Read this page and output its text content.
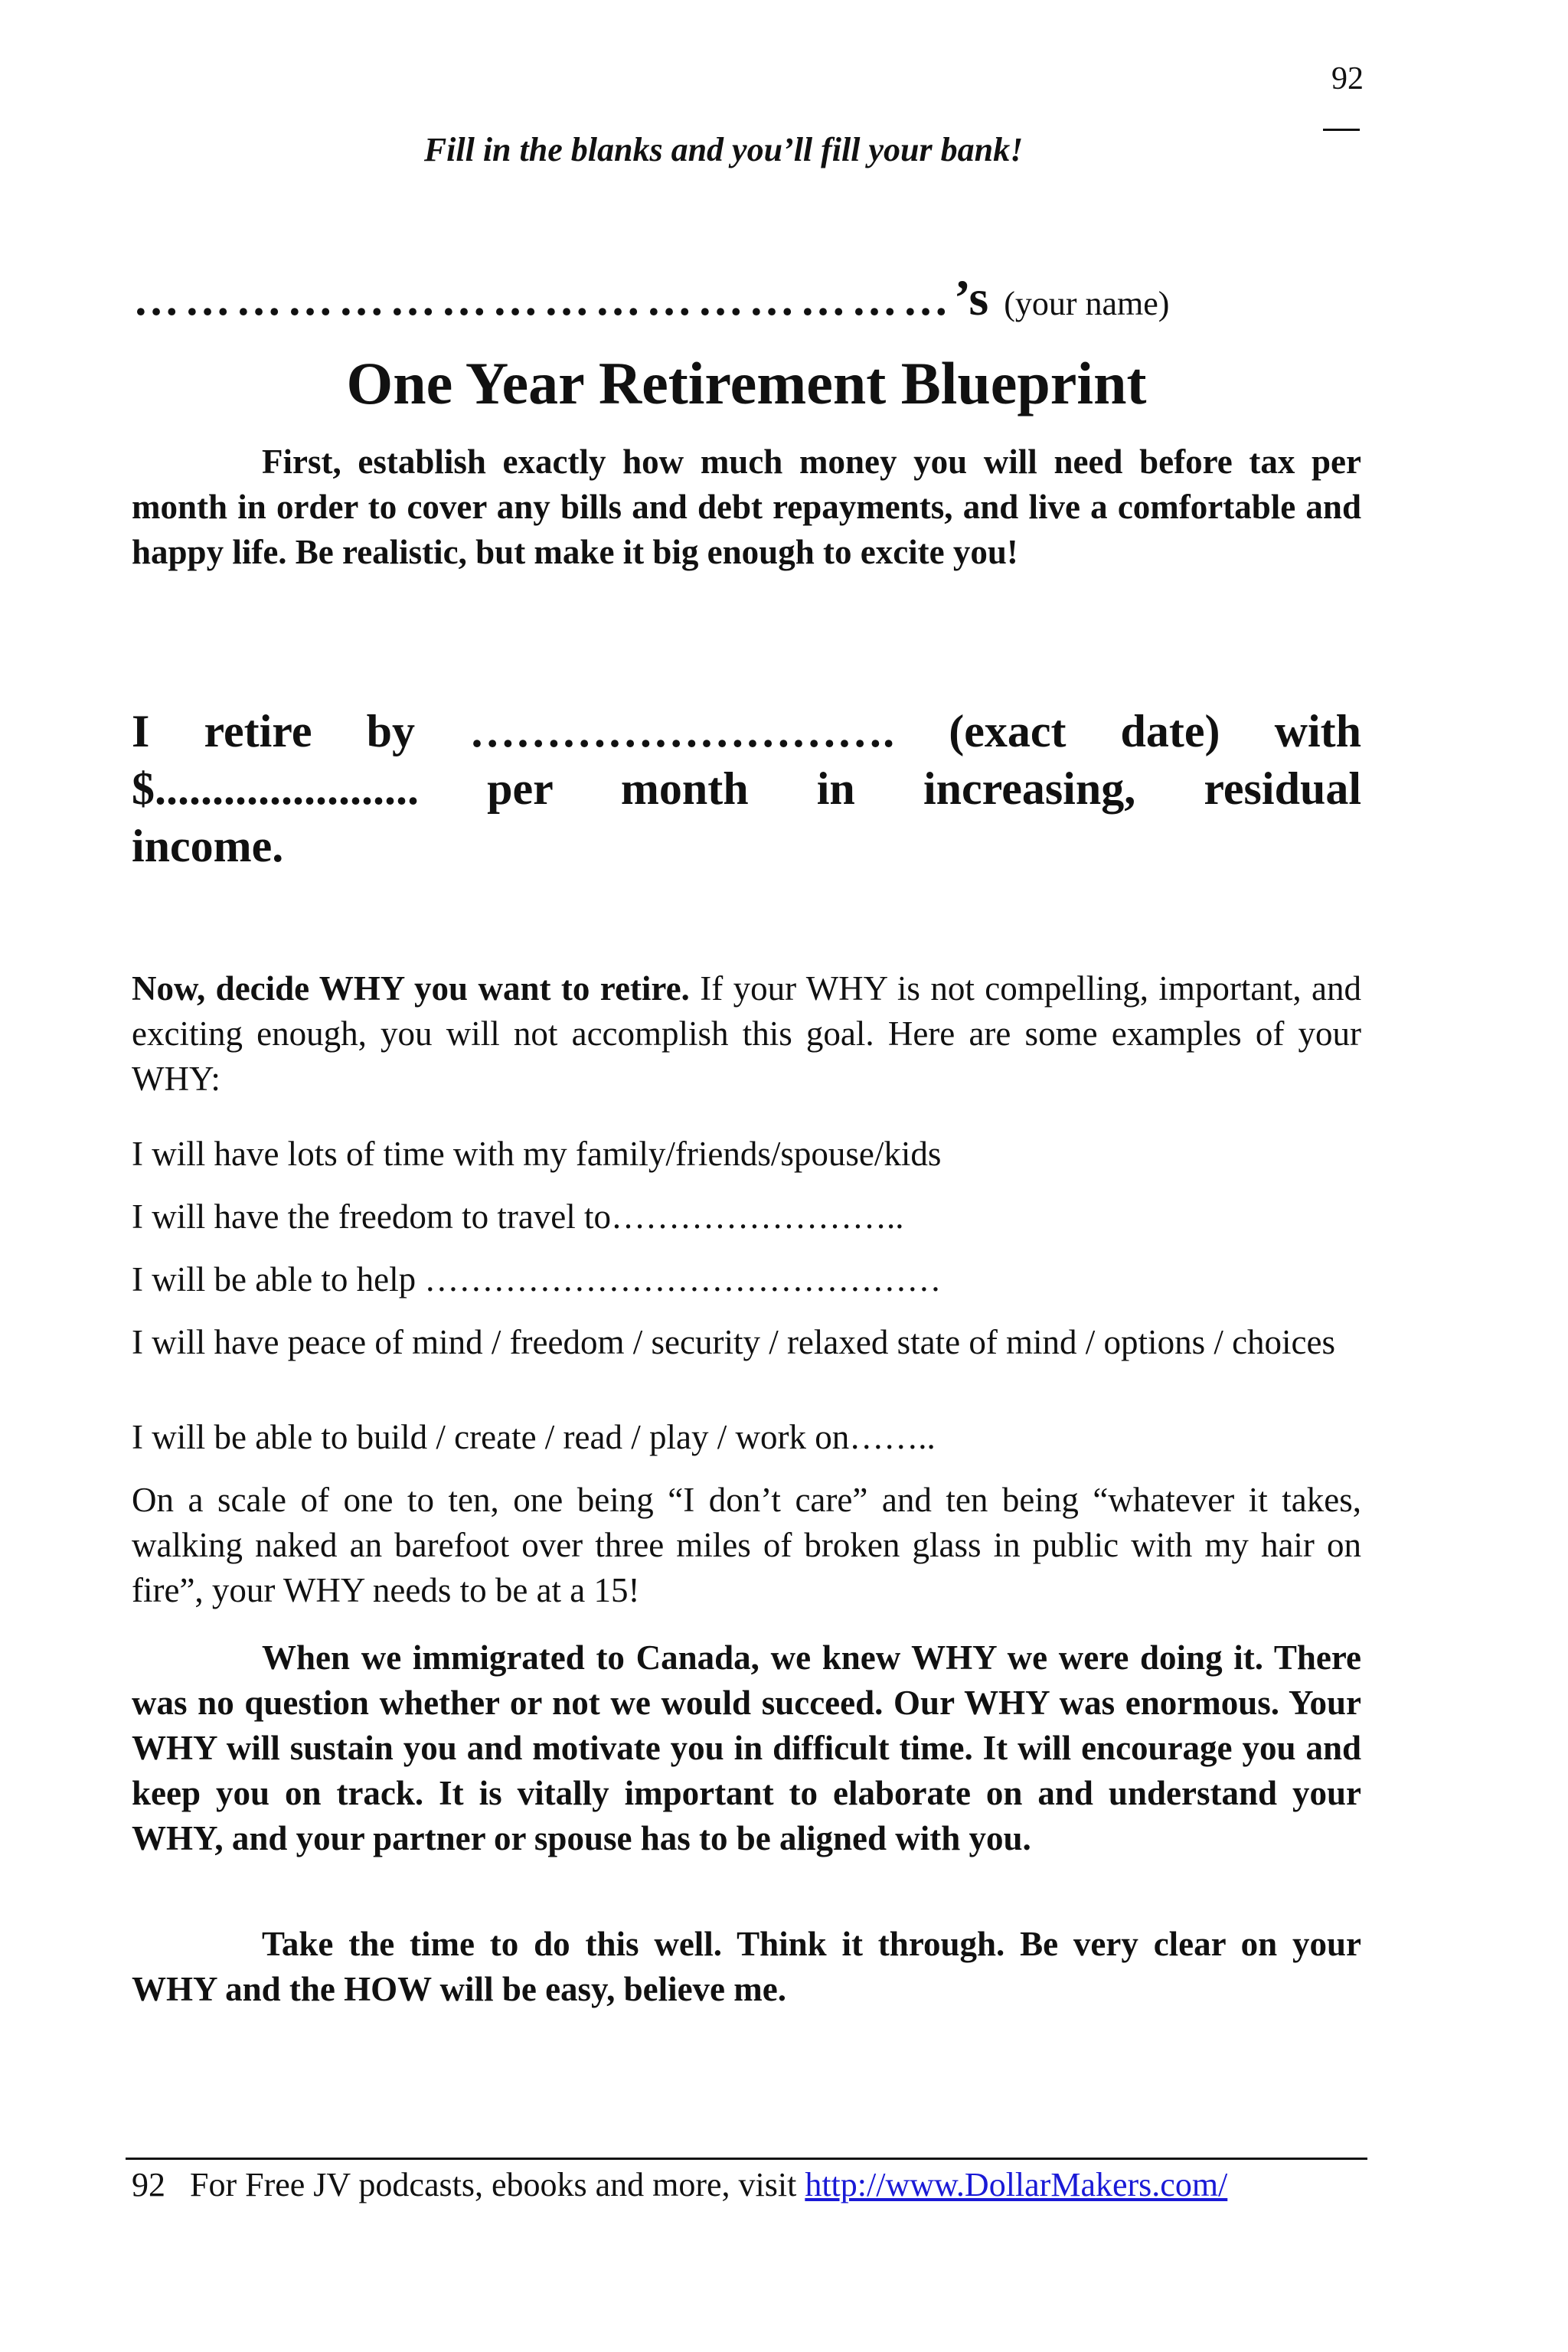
92
Fill in the blanks and you’ll fill your bank!
…………………………………………’s (your name)
One Year Retirement Blueprint
First, establish exactly how much money you will need before tax per month in order to cover any bills and debt repayments, and live a comfortable and happy life. Be realistic, but make it big enough to excite you!

I retire by ………………………. (exact date) with

$....................... per month in increasing, residual

income.

Now, decide WHY you want to retire. If your WHY is not compelling, important, and exciting enough, you will not accomplish this goal. Here are some examples of your WHY:
I will have lots of time with my family/friends/spouse/kids
I will have the freedom to travel to……………………..
I will be able to help ………………………………………
I will have peace of mind / freedom / security / relaxed state of mind / options / choices
I will be able to build / create / read / play / work on……..
On a scale of one to ten, one being “I don’t care” and ten being “whatever it takes, walking naked an barefoot over three miles of broken glass in public with my hair on fire”, your WHY needs to be at a 15!
When we immigrated to Canada, we knew WHY we were doing it. There was no question whether or not we would succeed. Our WHY was enormous. Your WHY will sustain you and motivate you in difficult time. It will encourage you and keep you on track. It is vitally important to elaborate on and understand your WHY, and your partner or spouse has to be aligned with you.
Take the time to do this well. Think it through. Be very clear on your WHY and the HOW will be easy, believe me.
92 For Free JV podcasts, ebooks and more, visit http://www.DollarMakers.com/
